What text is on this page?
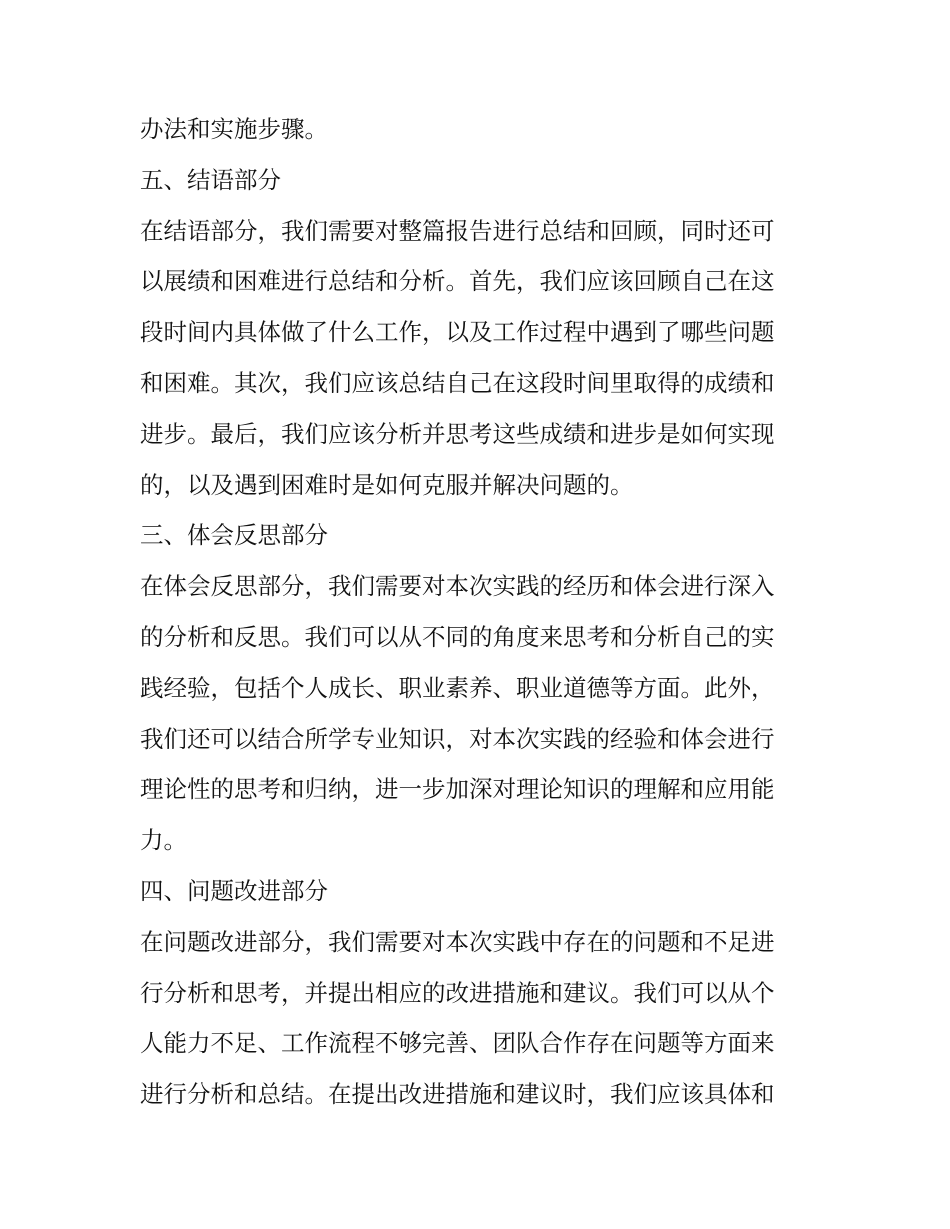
办法和实施步骤。
五、结语部分
在结语部分，我们需要对整篇报告进行总结和回顾，同时还可
以展绩和困难进行总结和分析。首先，我们应该回顾自己在这
段时间内具体做了什么工作，以及工作过程中遇到了哪些问题
和困难。其次，我们应该总结自己在这段时间里取得的成绩和
进步。最后，我们应该分析并思考这些成绩和进步是如何实现
的，以及遇到困难时是如何克服并解决问题的。
三、体会反思部分
在体会反思部分，我们需要对本次实践的经历和体会进行深入
的分析和反思。我们可以从不同的角度来思考和分析自己的实
践经验，包括个人成长、职业素养、职业道德等方面。此外，
我们还可以结合所学专业知识，对本次实践的经验和体会进行
理论性的思考和归纳，进一步加深对理论知识的理解和应用能
力。
四、问题改进部分
在问题改进部分，我们需要对本次实践中存在的问题和不足进
行分析和思考，并提出相应的改进措施和建议。我们可以从个
人能力不足、工作流程不够完善、团队合作存在问题等方面来
进行分析和总结。在提出改进措施和建议时，我们应该具体和
